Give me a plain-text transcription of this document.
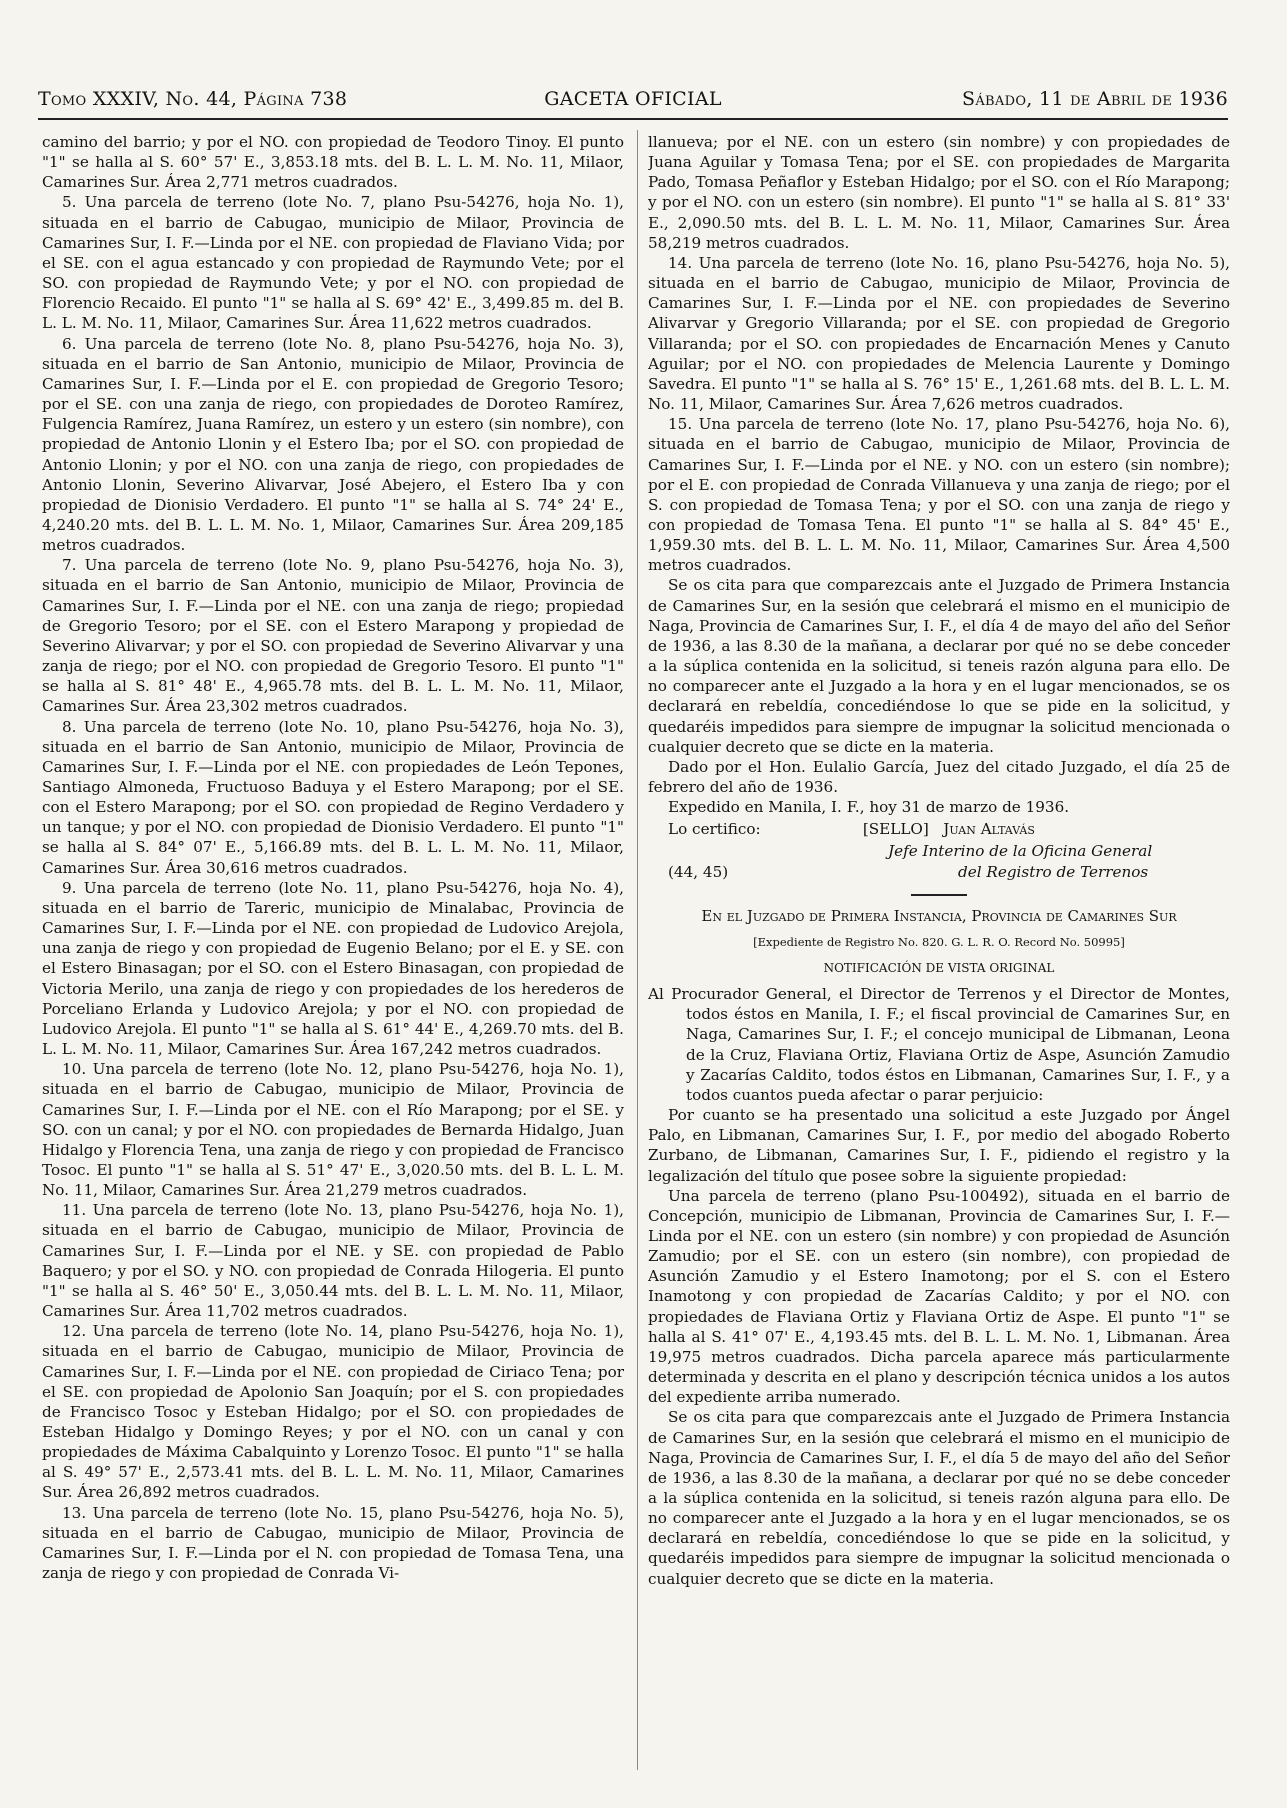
Tomo XXXIV, No. 44, Página 738	GACETA OFICIAL	Sábado, 11 de Abril de 1936

camino del barrio; y por el NO. con propiedad de Teodoro Tinoy. El punto "1" se halla al S. 60° 57' E., 3,853.18 mts. del B. L. L. M. No. 11, Milaor, Camarines Sur. Área 2,771 metros cuadrados.

5. Una parcela de terreno (lote No. 7, plano Psu-54276, hoja No. 1), situada en el barrio de Cabugao, municipio de Milaor, Provincia de Camarines Sur, I. F.—Linda por el NE. con propiedad de Flaviano Vida; por el SE. con el agua estancado y con propiedad de Raymundo Vete; por el SO. con propiedad de Raymundo Vete; y por el NO. con propiedad de Florencio Recaido. El punto "1" se halla al S. 69° 42' E., 3,499.85 m. del B. L. L. M. No. 11, Milaor, Camarines Sur. Área 11,622 metros cuadrados.

6. Una parcela de terreno (lote No. 8, plano Psu-54276, hoja No. 3), situada en el barrio de San Antonio, municipio de Milaor, Provincia de Camarines Sur, I. F.—Linda por el E. con propiedad de Gregorio Tesoro; por el SE. con una zanja de riego, con propiedades de Doroteo Ramírez, Fulgencia Ramírez, Juana Ramírez, un estero y un estero (sin nombre), con propiedad de Antonio Llonin y el Estero Iba; por el SO. con propiedad de Antonio Llonin; y por el NO. con una zanja de riego, con propiedades de Antonio Llonin, Severino Alivarvar, José Abejero, el Estero Iba y con propiedad de Dionisio Verdadero. El punto "1" se halla al S. 74° 24' E., 4,240.20 mts. del B. L. L. M. No. 1, Milaor, Camarines Sur. Área 209,185 metros cuadrados.

7. Una parcela de terreno (lote No. 9, plano Psu-54276, hoja No. 3), situada en el barrio de San Antonio, municipio de Milaor, Provincia de Camarines Sur, I. F.—Linda por el NE. con una zanja de riego; propiedad de Gregorio Tesoro; por el SE. con el Estero Marapong y propiedad de Severino Alivarvar; y por el SO. con propiedad de Severino Alivarvar y una zanja de riego; por el NO. con propiedad de Gregorio Tesoro. El punto "1" se halla al S. 81° 48' E., 4,965.78 mts. del B. L. L. M. No. 11, Milaor, Camarines Sur. Área 23,302 metros cuadrados.

8. Una parcela de terreno (lote No. 10, plano Psu-54276, hoja No. 3), situada en el barrio de San Antonio, municipio de Milaor, Provincia de Camarines Sur, I. F.—Linda por el NE. con propiedades de León Tepones, Santiago Almoneda, Fructuoso Baduya y el Estero Marapong; por el SE. con el Estero Marapong; por el SO. con propiedad de Regino Verdadero y un tanque; y por el NO. con propiedad de Dionisio Verdadero. El punto "1" se halla al S. 84° 07' E., 5,166.89 mts. del B. L. L. M. No. 11, Milaor, Camarines Sur. Área 30,616 metros cuadrados.

9. Una parcela de terreno (lote No. 11, plano Psu-54276, hoja No. 4), situada en el barrio de Tareric, municipio de Minalabac, Provincia de Camarines Sur, I. F.—Linda por el NE. con propiedad de Ludovico Arejola, una zanja de riego y con propiedad de Eugenio Belano; por el E. y SE. con el Estero Binasagan; por el SO. con el Estero Binasagan, con propiedad de Victoria Merilo, una zanja de riego y con propiedades de los herederos de Porceliano Erlanda y Ludovico Arejola; y por el NO. con propiedad de Ludovico Arejola. El punto "1" se halla al S. 61° 44' E., 4,269.70 mts. del B. L. L. M. No. 11, Milaor, Camarines Sur. Área 167,242 metros cuadrados.

10. Una parcela de terreno (lote No. 12, plano Psu-54276, hoja No. 1), situada en el barrio de Cabugao, municipio de Milaor, Provincia de Camarines Sur, I. F.—Linda por el NE. con el Río Marapong; por el SE. y SO. con un canal; y por el NO. con propiedades de Bernarda Hidalgo, Juan Hidalgo y Florencia Tena, una zanja de riego y con propiedad de Francisco Tosoc. El punto "1" se halla al S. 51° 47' E., 3,020.50 mts. del B. L. L. M. No. 11, Milaor, Camarines Sur. Área 21,279 metros cuadrados.

11. Una parcela de terreno (lote No. 13, plano Psu-54276, hoja No. 1), situada en el barrio de Cabugao, municipio de Milaor, Provincia de Camarines Sur, I. F.—Linda por el NE. y SE. con propiedad de Pablo Baquero; y por el SO. y NO. con propiedad de Conrada Hilogeria. El punto "1" se halla al S. 46° 50' E., 3,050.44 mts. del B. L. L. M. No. 11, Milaor, Camarines Sur. Área 11,702 metros cuadrados.

12. Una parcela de terreno (lote No. 14, plano Psu-54276, hoja No. 1), situada en el barrio de Cabugao, municipio de Milaor, Provincia de Camarines Sur, I. F.—Linda por el NE. con propiedad de Ciriaco Tena; por el SE. con propiedad de Apolonio San Joaquín; por el S. con propiedades de Francisco Tosoc y Esteban Hidalgo; por el SO. con propiedades de Esteban Hidalgo y Domingo Reyes; y por el NO. con un canal y con propiedades de Máxima Cabalquinto y Lorenzo Tosoc. El punto "1" se halla al S. 49° 57' E., 2,573.41 mts. del B. L. L. M. No. 11, Milaor, Camarines Sur. Área 26,892 metros cuadrados.

13. Una parcela de terreno (lote No. 15, plano Psu-54276, hoja No. 5), situada en el barrio de Cabugao, municipio de Milaor, Provincia de Camarines Sur, I. F.—Linda por el N. con propiedad de Tomasa Tena, una zanja de riego y con propiedad de Conrada Vi-

llanueva; por el NE. con un estero (sin nombre) y con propiedades de Juana Aguilar y Tomasa Tena; por el SE. con propiedades de Margarita Pado, Tomasa Peñaflor y Esteban Hidalgo; por el SO. con el Río Marapong; y por el NO. con un estero (sin nombre). El punto "1" se halla al S. 81° 33' E., 2,090.50 mts. del B. L. L. M. No. 11, Milaor, Camarines Sur. Área 58,219 metros cuadrados.

14. Una parcela de terreno (lote No. 16, plano Psu-54276, hoja No. 5), situada en el barrio de Cabugao, municipio de Milaor, Provincia de Camarines Sur, I. F.—Linda por el NE. con propiedades de Severino Alivarvar y Gregorio Villaranda; por el SE. con propiedad de Gregorio Villaranda; por el SO. con propiedades de Encarnación Menes y Canuto Aguilar; por el NO. con propiedades de Melencia Laurente y Domingo Savedra. El punto "1" se halla al S. 76° 15' E., 1,261.68 mts. del B. L. L. M. No. 11, Milaor, Camarines Sur. Área 7,626 metros cuadrados.

15. Una parcela de terreno (lote No. 17, plano Psu-54276, hoja No. 6), situada en el barrio de Cabugao, municipio de Milaor, Provincia de Camarines Sur, I. F.—Linda por el NE. y NO. con un estero (sin nombre); por el E. con propiedad de Conrada Villanueva y una zanja de riego; por el S. con propiedad de Tomasa Tena; y por el SO. con una zanja de riego y con propiedad de Tomasa Tena. El punto "1" se halla al S. 84° 45' E., 1,959.30 mts. del B. L. L. M. No. 11, Milaor, Camarines Sur. Área 4,500 metros cuadrados.

Se os cita para que comparezcais ante el Juzgado de Primera Instancia de Camarines Sur, en la sesión que celebrará el mismo en el municipio de Naga, Provincia de Camarines Sur, I. F., el día 4 de mayo del año del Señor de 1936, a las 8.30 de la mañana, a declarar por qué no se debe conceder a la súplica contenida en la solicitud, si teneis razón alguna para ello. De no comparecer ante el Juzgado a la hora y en el lugar mencionados, se os declarará en rebeldía, concediéndose lo que se pide en la solicitud, y quedaréis impedidos para siempre de impugnar la solicitud mencionada o cualquier decreto que se dicte en la materia.

Dado por el Hon. Eulalio García, Juez del citado Juzgado, el día 25 de febrero del año de 1936.

Expedido en Manila, I. F., hoy 31 de marzo de 1936.

Lo certifico:	[SELLO] Juan Altavás
Jefe Interino de la Oficina General
(44, 45)	del Registro de Terrenos

En el Juzgado de Primera Instancia, Provincia de Camarines Sur

[Expediente de Registro No. 820. G. L. R. O. Record No. 50995]

NOTIFICACIÓN DE VISTA ORIGINAL

Al Procurador General, el Director de Terrenos y el Director de Montes, todos éstos en Manila, I. F.; el fiscal provincial de Camarines Sur, en Naga, Camarines Sur, I. F.; el concejo municipal de Libmanan, Leona de la Cruz, Flaviana Ortiz, Flaviana Ortiz de Aspe, Asunción Zamudio y Zacarías Caldito, todos éstos en Libmanan, Camarines Sur, I. F., y a todos cuantos pueda afectar o parar perjuicio:

Por cuanto se ha presentado una solicitud a este Juzgado por Ángel Palo, en Libmanan, Camarines Sur, I. F., por medio del abogado Roberto Zurbano, de Libmanan, Camarines Sur, I. F., pidiendo el registro y la legalización del título que posee sobre la siguiente propiedad:

Una parcela de terreno (plano Psu-100492), situada en el barrio de Concepción, municipio de Libmanan, Provincia de Camarines Sur, I. F.—Linda por el NE. con un estero (sin nombre) y con propiedad de Asunción Zamudio; por el SE. con un estero (sin nombre), con propiedad de Asunción Zamudio y el Estero Inamotong; por el S. con el Estero Inamotong y con propiedad de Zacarías Caldito; y por el NO. con propiedades de Flaviana Ortiz y Flaviana Ortiz de Aspe. El punto "1" se halla al S. 41° 07' E., 4,193.45 mts. del B. L. L. M. No. 1, Libmanan. Área 19,975 metros cuadrados. Dicha parcela aparece más particularmente determinada y descrita en el plano y descripción técnica unidos a los autos del expediente arriba numerado.

Se os cita para que comparezcais ante el Juzgado de Primera Instancia de Camarines Sur, en la sesión que celebrará el mismo en el municipio de Naga, Provincia de Camarines Sur, I. F., el día 5 de mayo del año del Señor de 1936, a las 8.30 de la mañana, a declarar por qué no se debe conceder a la súplica contenida en la solicitud, si teneis razón alguna para ello. De no comparecer ante el Juzgado a la hora y en el lugar mencionados, se os declarará en rebeldía, concediéndose lo que se pide en la solicitud, y quedaréis impedidos para siempre de impugnar la solicitud mencionada o cualquier decreto que se dicte en la materia.
